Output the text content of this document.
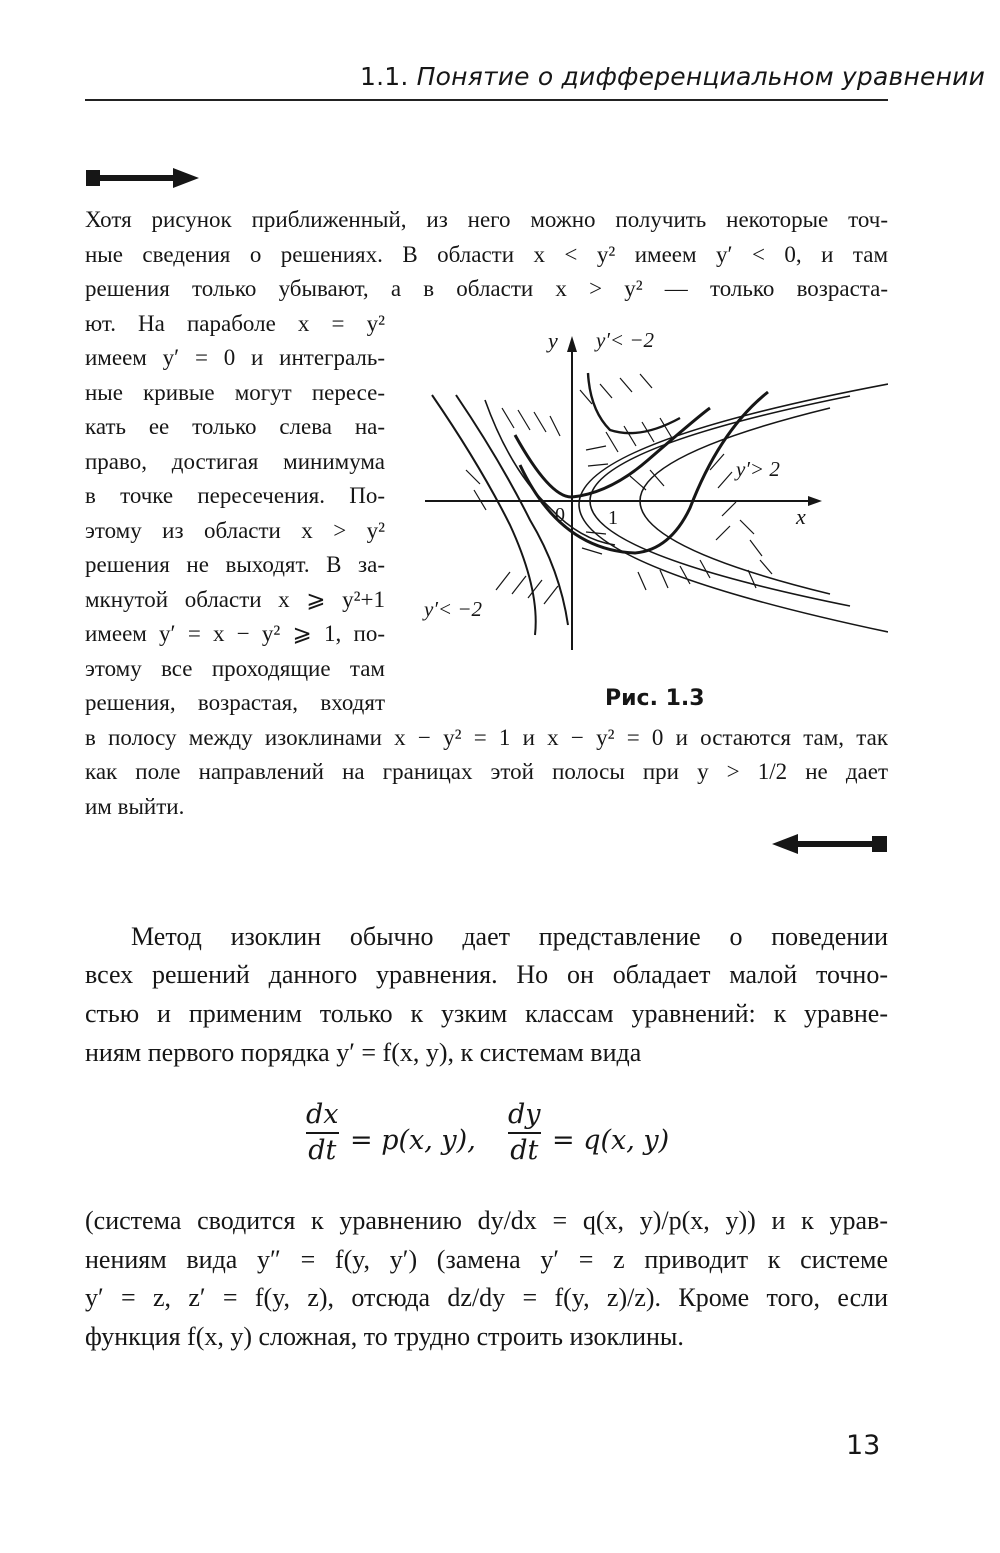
1.1. Понятие о дифференциальном уравнении
Хотя рисунок приближенный, из него можно получить некоторые точ-
ные сведения о решениях. В области x < y² имеем y′ < 0, и там
решения только убывают, а в области x > y² — только возраста-
ют. На параболе x = y²
имеем y′ = 0 и интеграль-
ные кривые могут пересе-
кать ее только слева на-
право, достигая минимума
в точке пересечения. По-
этому из области x > y²
решения не выходят. В за-
мкнутой области x ⩾ y²+1
имеем y′ = x − y² ⩾ 1, по-
этому все проходящие там
решения, возрастая, входят
в полосу между изоклинами x − y² = 1 и x − y² = 0 и остаются там, так
как поле направлений на границах этой полосы при y > 1/2 не дает
им выйти.
x
y
0 1
y′< −2
y′> 2
y′< −2
Рис. 1.3
Метод изоклин обычно дает представление о поведении
всех решений данного уравнения. Но он обладает малой точно-
стью и применим только к узким классам уравнений: к уравне-
ниям первого порядка y′ = f(x, y), к системам вида
dx
dt = p(x, y),
dy
dt = q(x, y)
(система сводится к уравнению dy/dx = q(x, y)/p(x, y)) и к урав-
нениям вида y″ = f(y, y′) (замена y′ = z приводит к системе
y′ = z, z′ = f(y, z), отсюда dz/dy = f(y, z)/z). Кроме того, если
функция f(x, y) сложная, то трудно строить изоклины.
13
